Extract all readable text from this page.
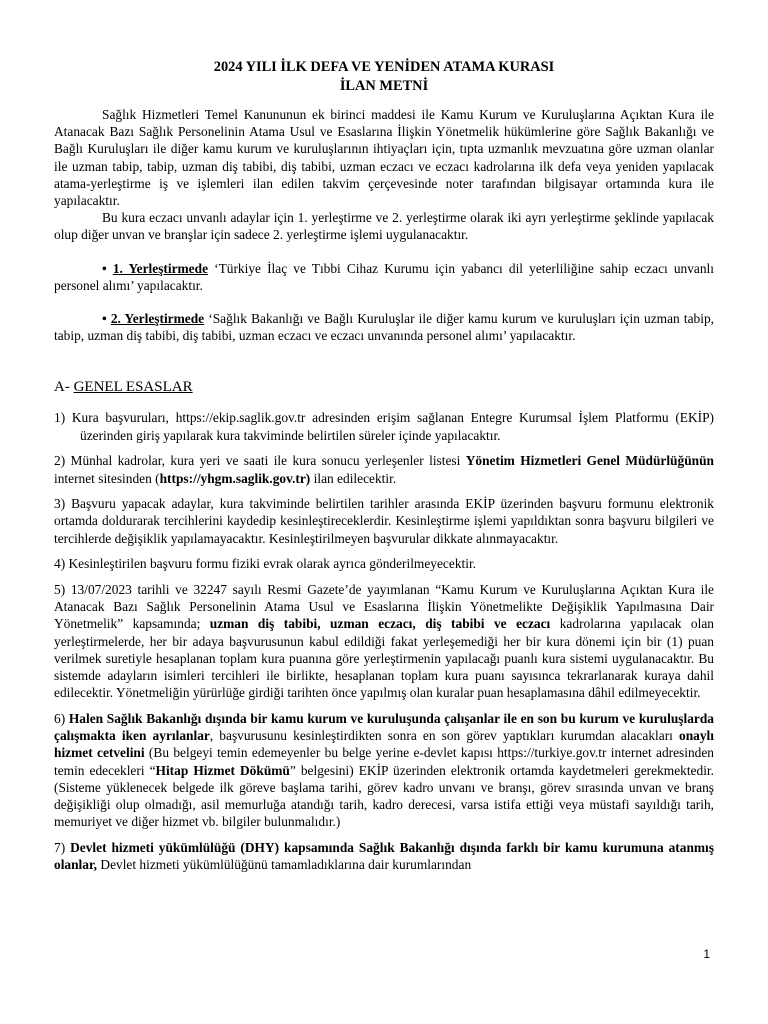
2024 YILI İLK DEFA VE YENİDEN ATAMA KURASI
İLAN METNİ

Sağlık Hizmetleri Temel Kanununun ek birinci maddesi ile Kamu Kurum ve Kuruluşlarına Açıktan Kura ile Atanacak Bazı Sağlık Personelinin Atama Usul ve Esaslarına İlişkin Yönetmelik hükümlerine göre Sağlık Bakanlığı ve Bağlı Kuruluşları ile diğer kamu kurum ve kuruluşlarının ihtiyaçları için, tıpta uzmanlık mevzuatına göre uzman olanlar ile uzman tabip, tabip, uzman diş tabibi, diş tabibi, uzman eczacı ve eczacı kadrolarına ilk defa veya yeniden yapılacak atama-yerleştirme iş ve işlemleri ilan edilen takvim çerçevesinde noter tarafından bilgisayar ortamında kura ile yapılacaktır.

Bu kura eczacı unvanlı adaylar için 1. yerleştirme ve 2. yerleştirme olarak iki ayrı yerleştirme şeklinde yapılacak olup diğer unvan ve branşlar için sadece 2. yerleştirme işlemi uygulanacaktır.

• 1. Yerleştirmede ‘Türkiye İlaç ve Tıbbi Cihaz Kurumu için yabancı dil yeterliliğine sahip eczacı unvanlı personel alımı’ yapılacaktır.

• 2. Yerleştirmede ‘Sağlık Bakanlığı ve Bağlı Kuruluşlar ile diğer kamu kurum ve kuruluşları için uzman tabip, tabip, uzman diş tabibi, diş tabibi, uzman eczacı ve eczacı unvanında personel alımı’ yapılacaktır.

A- GENEL ESASLAR

1) Kura başvuruları, https://ekip.saglik.gov.tr adresinden erişim sağlanan Entegre Kurumsal İşlem Platformu (EKİP) üzerinden giriş yapılarak kura takviminde belirtilen süreler içinde yapılacaktır.

2) Münhal kadrolar, kura yeri ve saati ile kura sonucu yerleşenler listesi Yönetim Hizmetleri Genel Müdürlüğünün internet sitesinden (https://yhgm.saglik.gov.tr) ilan edilecektir.

3) Başvuru yapacak adaylar, kura takviminde belirtilen tarihler arasında EKİP üzerinden başvuru formunu elektronik ortamda doldurarak tercihlerini kaydedip kesinleştireceklerdir. Kesinleştirme işlemi yapıldıktan sonra başvuru bilgileri ve tercihlerde değişiklik yapılamayacaktır. Kesinleştirilmeyen başvurular dikkate alınmayacaktır.

4) Kesinleştirilen başvuru formu fiziki evrak olarak ayrıca gönderilmeyecektir.

5) 13/07/2023 tarihli ve 32247 sayılı Resmi Gazete’de yayımlanan “Kamu Kurum ve Kuruluşlarına Açıktan Kura ile Atanacak Bazı Sağlık Personelinin Atama Usul ve Esaslarına İlişkin Yönetmelikte Değişiklik Yapılmasına Dair Yönetmelik” kapsamında; uzman diş tabibi, uzman eczacı, diş tabibi ve eczacı kadrolarına yapılacak olan yerleştirmelerde, her bir adaya başvurusunun kabul edildiği fakat yerleşemediği her bir kura dönemi için bir (1) puan verilmek suretiyle hesaplanan toplam kura puanına göre yerleştirmenin yapılacağı puanlı kura sistemi uygulanacaktır. Bu sistemde adayların isimleri tercihleri ile birlikte, hesaplanan toplam kura puanı sayısınca tekrarlanarak kuraya dahil edilecektir. Yönetmeliğin yürürlüğe girdiği tarihten önce yapılmış olan kuralar puan hesaplamasına dâhil edilmeyecektir.

6) Halen Sağlık Bakanlığı dışında bir kamu kurum ve kuruluşunda çalışanlar ile en son bu kurum ve kuruluşlarda çalışmakta iken ayrılanlar, başvurusunu kesinleştirdikten sonra en son görev yaptıkları kurumdan alacakları onaylı hizmet cetvelini (Bu belgeyi temin edemeyenler bu belge yerine e-devlet kapısı https://turkiye.gov.tr internet adresinden temin edecekleri “Hitap Hizmet Dökümü” belgesini) EKİP üzerinden elektronik ortamda kaydetmeleri gerekmektedir. (Sisteme yüklenecek belgede ilk göreve başlama tarihi, görev kadro unvanı ve branşı, görev sırasında unvan ve branş değişikliği olup olmadığı, asil memurluğa atandığı tarih, kadro derecesi, varsa istifa ettiği veya müstafi sayıldığı tarih, memuriyet ve diğer hizmet vb. bilgiler bulunmalıdır.)

7) Devlet hizmeti yükümlülüğü (DHY) kapsamında Sağlık Bakanlığı dışında farklı bir kamu kurumuna atanmış olanlar, Devlet hizmeti yükümlülüğünü tamamladıklarına dair kurumlarından

1
